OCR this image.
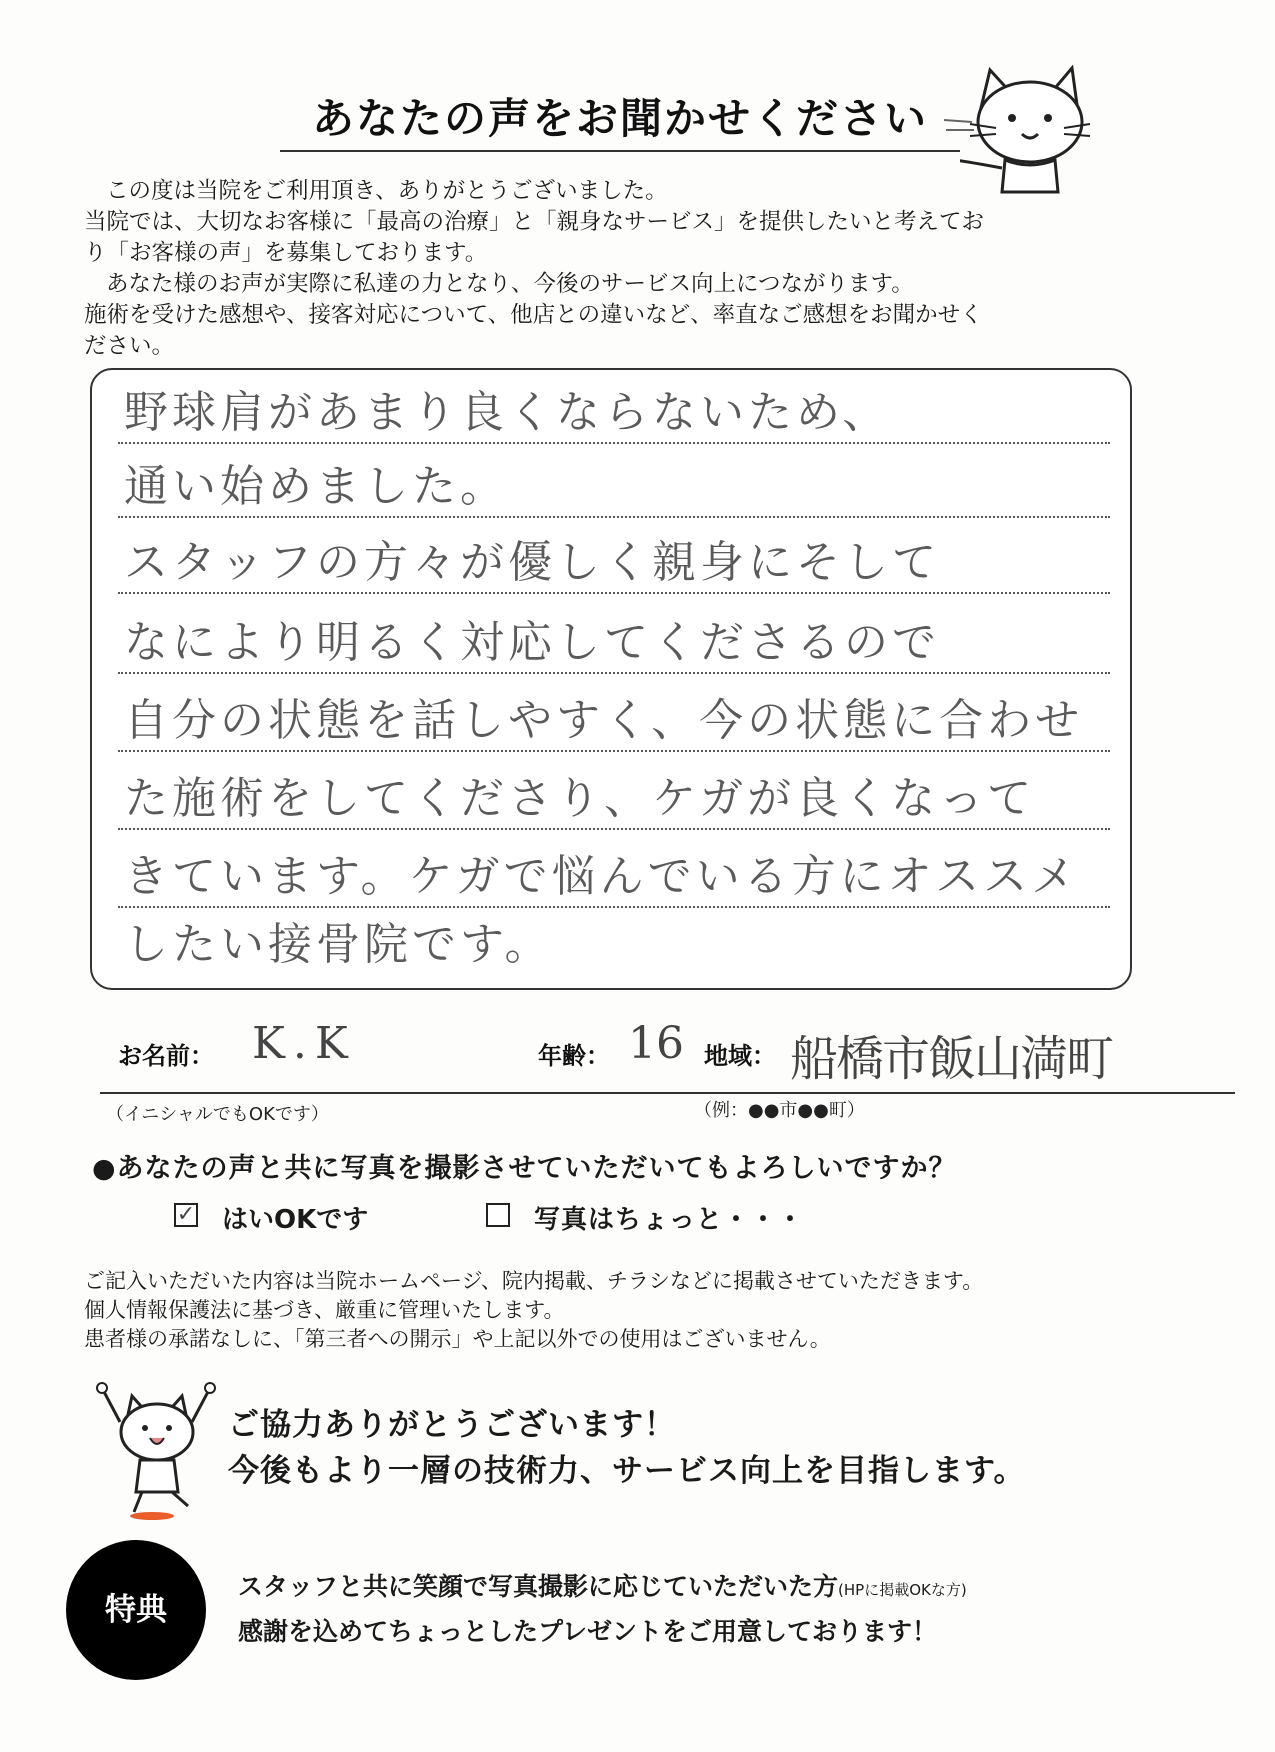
あなたの声をお聞かせください

この度は当院をご利用頂き、ありがとうございました。

当院では、大切なお客様に「最高の治療」と「親身なサービス」を提供したいと考えてお

り「お客様の声」を募集しております。

あなた様のお声が実際に私達の力となり、今後のサービス向上につながります。

施術を受けた感想や、接客対応について、他店との違いなど、率直なご感想をお聞かせく

ださい。

野球肩があまり良くならないため、
通い始めました。
スタッフの方々が優しく親身にそして
なにより明るく対応してくださるので
自分の状態を話しやすく、今の状態に合わせ
た施術をしてくださり、ケガが良くなって
きています。ケガで悩んでいる方にオススメ
したい接骨院です。
お名前： K.K	年齢： 16 地域： 船橋市飯山満町
（イニシャルでもOKです）	（例：●●市●●町）
●あなたの声と共に写真を撮影させていただいてもよろしいですか？
✓ はいOKです	写真はちょっと・・・

ご記入いただいた内容は当院ホームページ、院内掲載、チラシなどに掲載させていただきます。

個人情報保護法に基づき、厳重に管理いたします。

患者様の承諾なしに、「第三者への開示」や上記以外での使用はございません。

ご協力ありがとうございます！

今後もより一層の技術力、サービス向上を目指します。

特典

スタッフと共に笑顔で写真撮影に応じていただいた方(HPに掲載OKな方)

感謝を込めてちょっとしたプレゼントをご用意しております！
